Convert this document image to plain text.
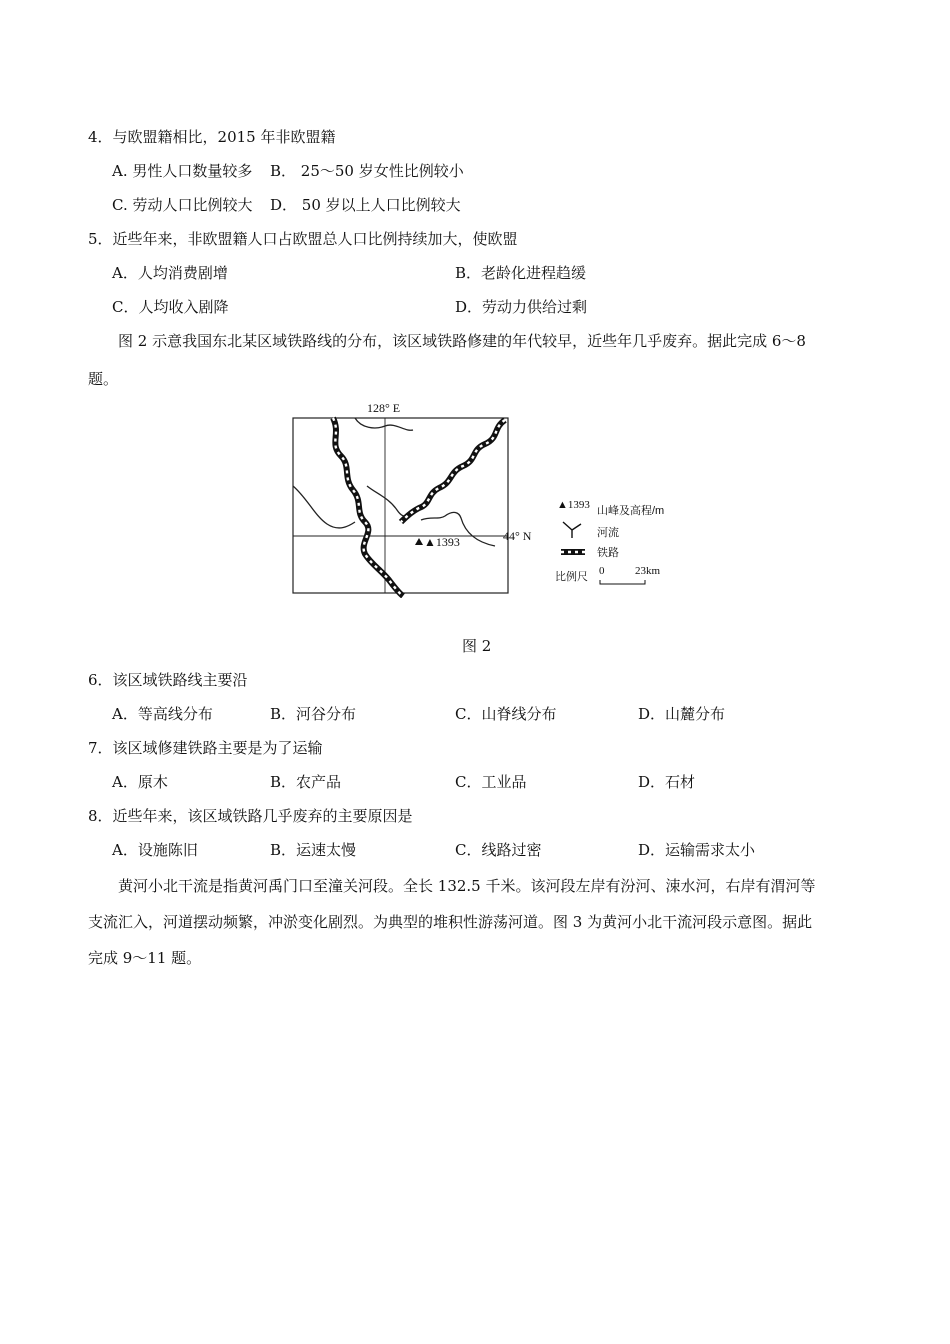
4．与欧盟籍相比，2015 年非欧盟籍
A. 男性人口数量较多 B． 25～50 岁女性比例较小
C. 劳动人口比例较大 D． 50 岁以上人口比例较大
5．近些年来，非欧盟籍人口占欧盟总人口比例持续加大，使欧盟
A．人均消费剧增	B．老龄化进程趋缓
C．人均收入剧降	D．劳动力供给过剩
图 2 示意我国东北某区域铁路线的分布，该区域铁路修建的年代较早，近些年几乎废弃。据此完成 6～8
题。
▲1393
128° E
44° N
▲1393 山峰及高程/m
河流
铁路
比例尺 0	23km
图 2
6．该区域铁路线主要沿
A．等高线分布	B．河谷分布	C．山脊线分布	D．山麓分布
7．该区域修建铁路主要是为了运输
A．原木	B．农产品	C．工业品	D．石材
8．近些年来，该区域铁路几乎废弃的主要原因是
A．设施陈旧	B．运速太慢	C．线路过密	D．运输需求太小
黄河小北干流是指黄河禹门口至潼关河段。全长 132.5 千米。该河段左岸有汾河、涑水河，右岸有渭河等
支流汇入，河道摆动频繁，冲淤变化剧烈。为典型的堆积性游荡河道。图 3 为黄河小北干流河段示意图。据此
完成 9～11 题。
